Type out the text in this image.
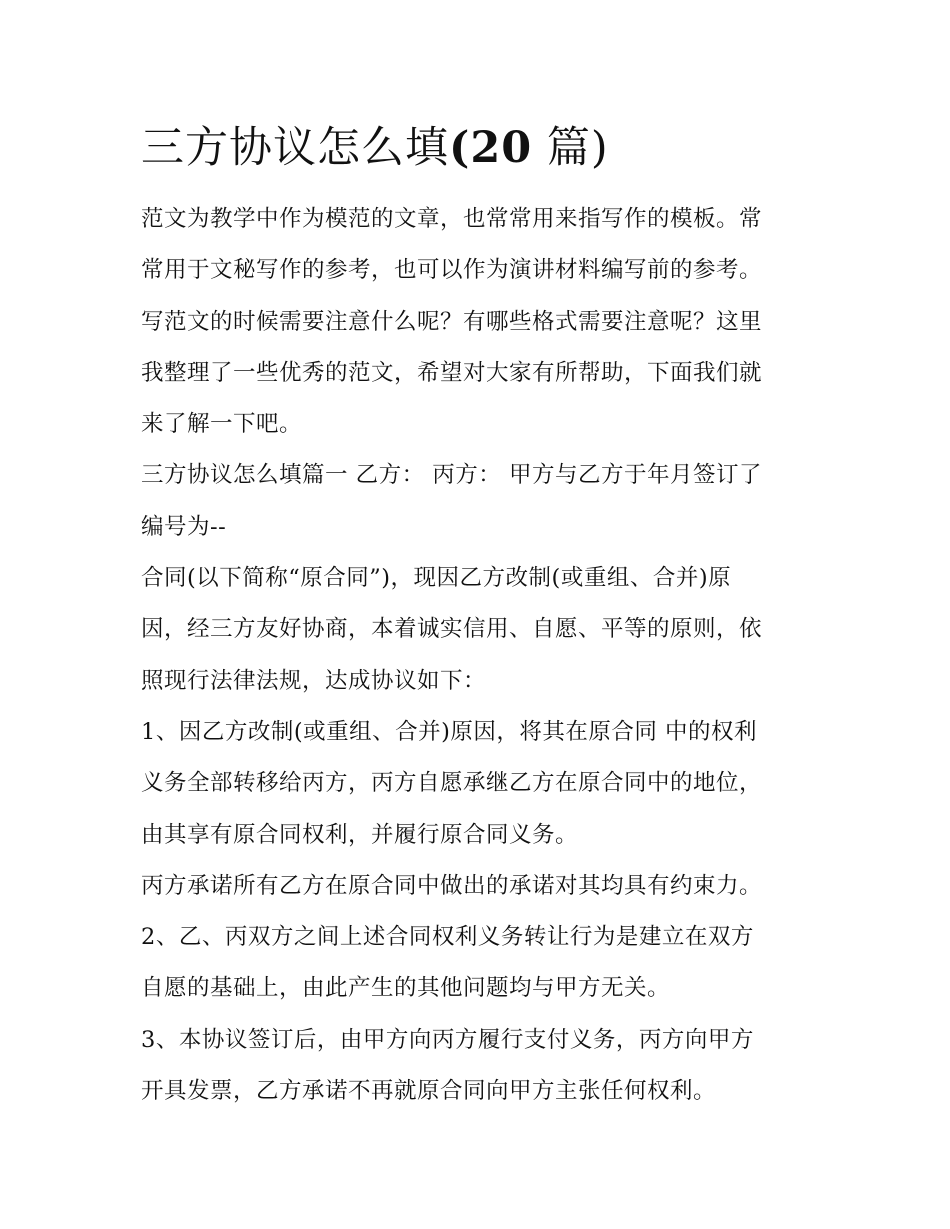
三方协议怎么填(20 篇)

范文为教学中作为模范的文章，也常常用来指写作的模板。常
常用于文秘写作的参考，也可以作为演讲材料编写前的参考。
写范文的时候需要注意什么呢？有哪些格式需要注意呢？这里
我整理了一些优秀的范文，希望对大家有所帮助，下面我们就
来了解一下吧。

三方协议怎么填篇一 乙方： 丙方： 甲方与乙方于年月签订了
编号为--

合同(以下简称“原合同”)，现因乙方改制(或重组、合并)原
因，经三方友好协商，本着诚实信用、自愿、平等的原则，依
照现行法律法规，达成协议如下：

1、因乙方改制(或重组、合并)原因，将其在原合同 中的权利
义务全部转移给丙方，丙方自愿承继乙方在原合同中的地位，
由其享有原合同权利，并履行原合同义务。

丙方承诺所有乙方在原合同中做出的承诺对其均具有约束力。

2、乙、丙双方之间上述合同权利义务转让行为是建立在双方
自愿的基础上，由此产生的其他问题均与甲方无关。

3、本协议签订后，由甲方向丙方履行支付义务，丙方向甲方
开具发票，乙方承诺不再就原合同向甲方主张任何权利。
